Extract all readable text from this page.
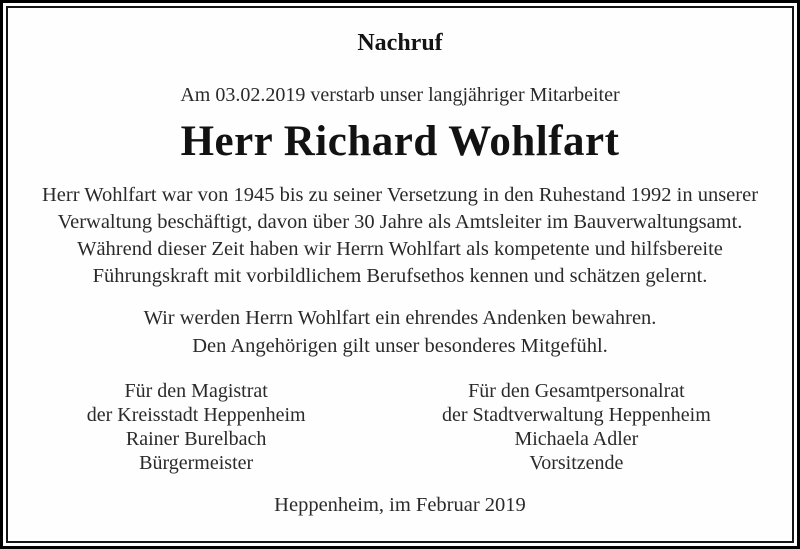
Nachruf
Am 03.02.2019 verstarb unser langjähriger Mitarbeiter
Herr Richard Wohlfart
Herr Wohlfart war von 1945 bis zu seiner Versetzung in den Ruhestand 1992 in unserer
Verwaltung beschäftigt, davon über 30 Jahre als Amtsleiter im Bauverwaltungsamt.
Während dieser Zeit haben wir Herrn Wohlfart als kompetente und hilfsbereite
Führungskraft mit vorbildlichem Berufsethos kennen und schätzen gelernt.
Wir werden Herrn Wohlfart ein ehrendes Andenken bewahren.
Den Angehörigen gilt unser besonderes Mitgefühl.
Für den Magistrat
der Kreisstadt Heppenheim
Rainer Burelbach
Bürgermeister
Für den Gesamtpersonalrat
der Stadtverwaltung Heppenheim
Michaela Adler
Vorsitzende
Heppenheim, im Februar 2019
